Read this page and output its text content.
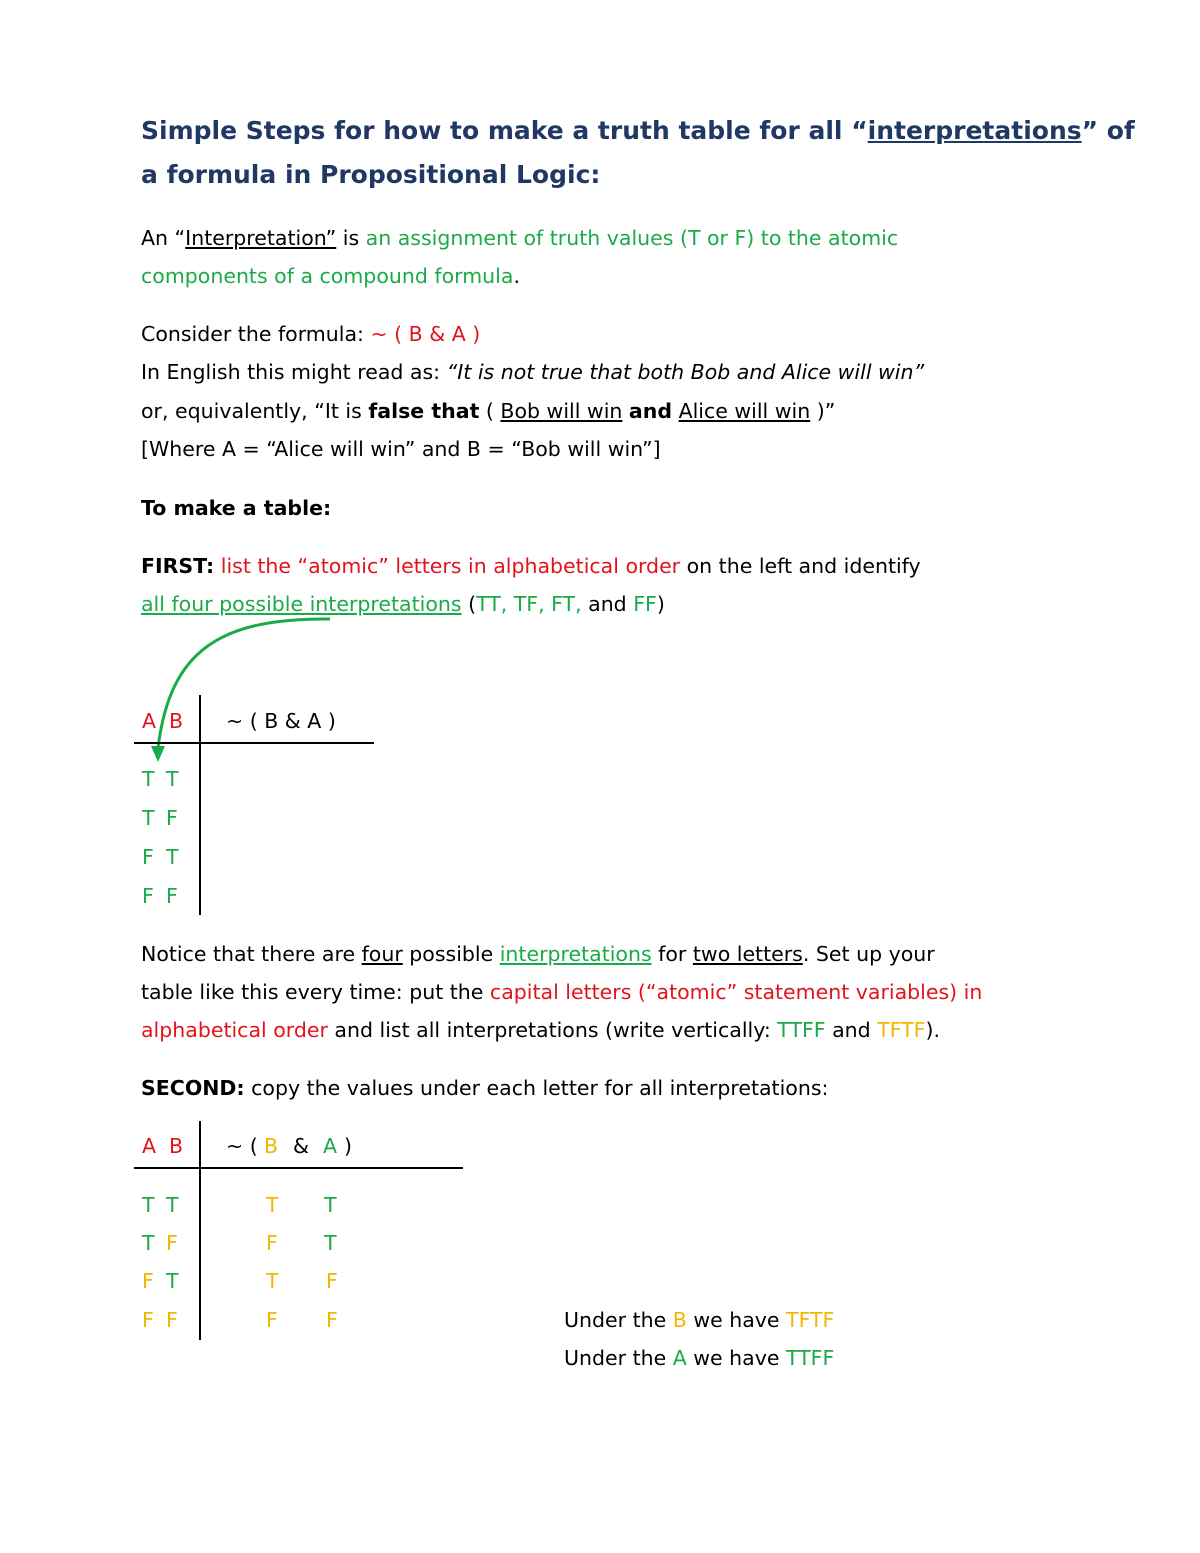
Simple Steps for how to make a truth table for all “interpretations” of
a formula in Propositional Logic:
An “Interpretation” is an assignment of truth values (T or F) to the atomic
components of a compound formula.
Consider the formula: ~ ( B & A )
In English this might read as: “It is not true that both Bob and Alice will win”
or, equivalently, “It is false that ( Bob will win and Alice will win )”
[Where A = “Alice will win” and B = “Bob will win”]
To make a table:
FIRST: list the “atomic” letters in alphabetical order on the left and identify
all four possible interpretations (TT, TF, FT, and FF)
A B ~ ( B & A )
T T
T F
F T
F F
Notice that there are four possible interpretations for two letters. Set up your
table like this every time: put the capital letters (“atomic” statement variables) in
alphabetical order and list all interpretations (write vertically: TTFF and TFTF).
SECOND: copy the values under each letter for all interpretations:
A B ~ ( B & A )
T T	T T
T F	F T
F T	T F
F F	F F	Under the B we have TFTF
Under the A we have TTFF
